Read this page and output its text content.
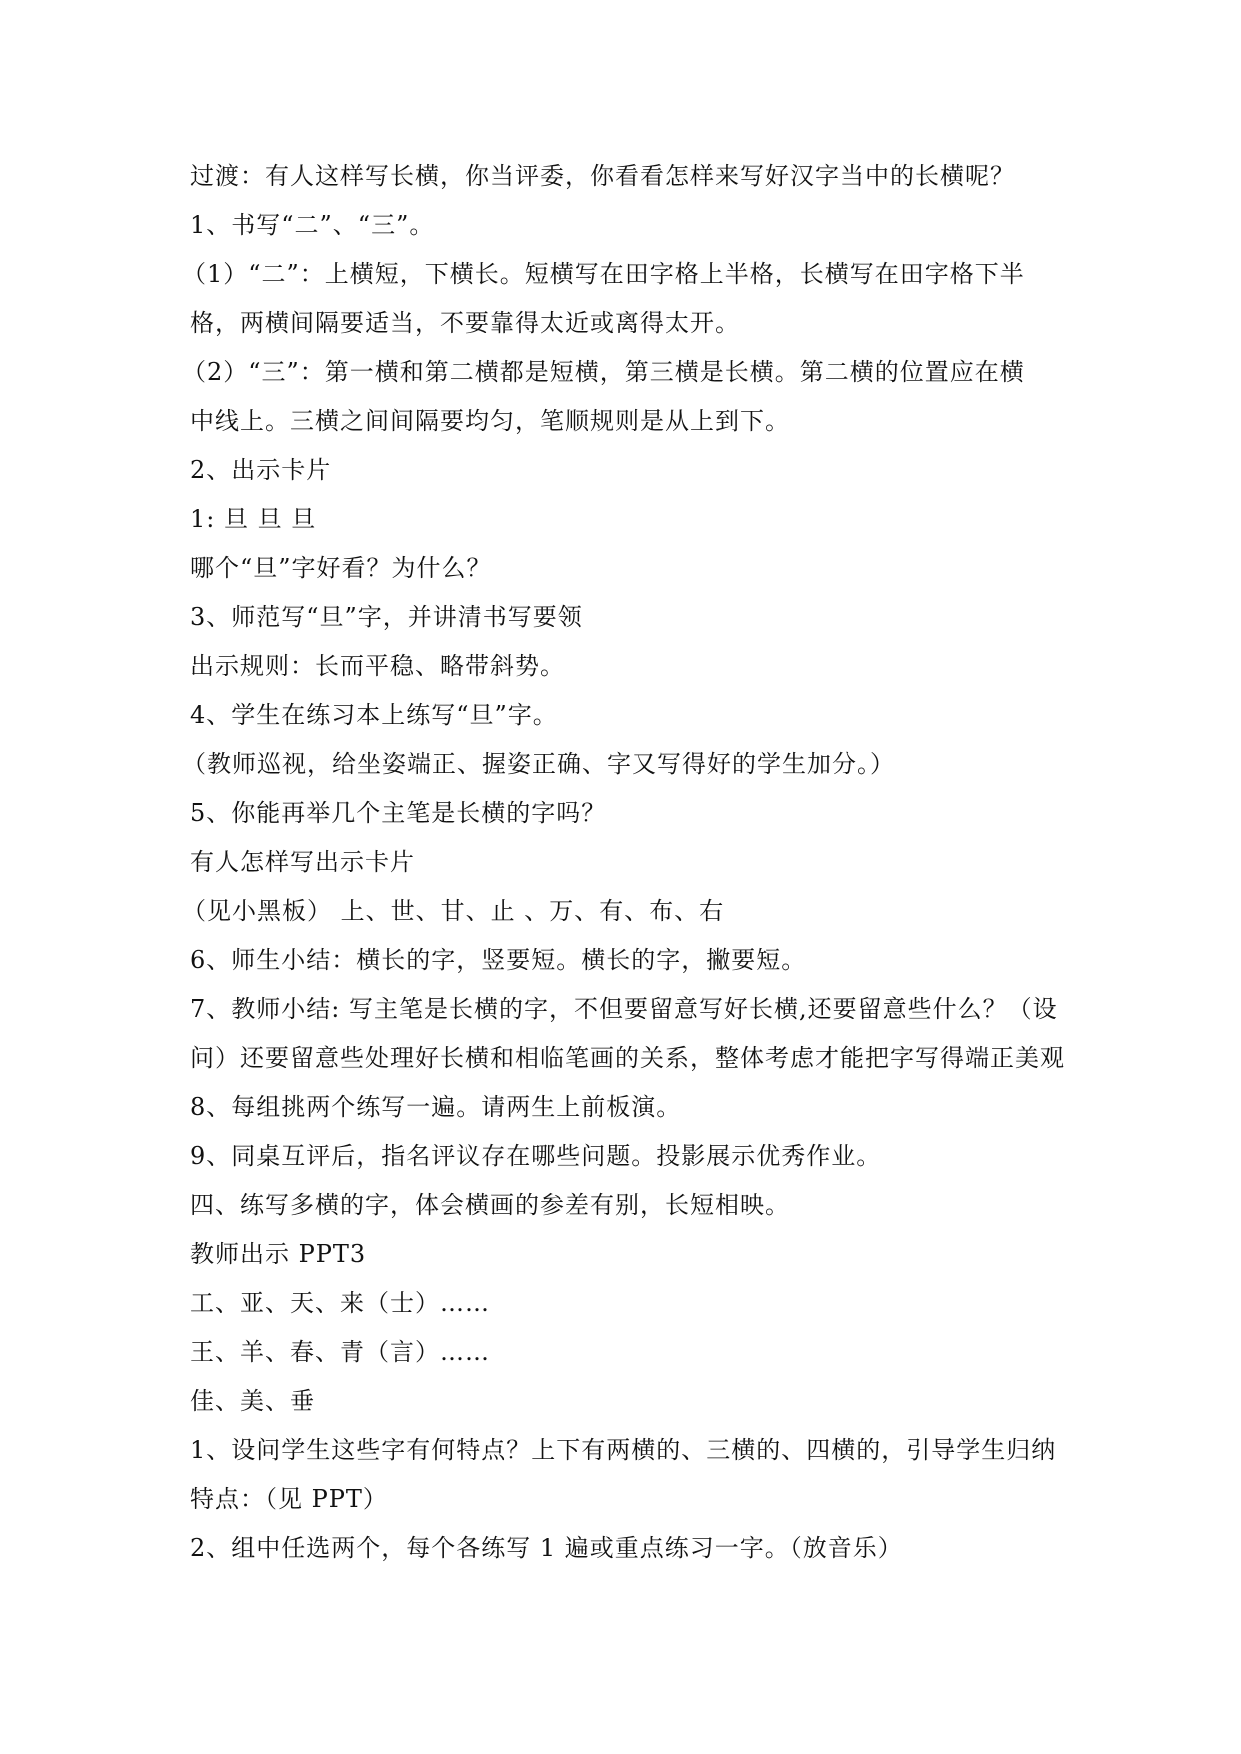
过渡：有人这样写长横，你当评委，你看看怎样来写好汉字当中的长横呢？
1、书写“二”、“三”。
（1）“二”：上横短，下横长。短横写在田字格上半格，长横写在田字格下半
格，两横间隔要适当，不要靠得太近或离得太开。
（2）“三”：第一横和第二横都是短横，第三横是长横。第二横的位置应在横
中线上。三横之间间隔要均匀，笔顺规则是从上到下。
2、出示卡片
1: 旦 旦 旦
哪个“旦”字好看？为什么？
3、师范写“旦”字，并讲清书写要领
出示规则：长而平稳、略带斜势。
4、学生在练习本上练写“旦”字。
（教师巡视，给坐姿端正、握姿正确、字又写得好的学生加分。）
5、你能再举几个主笔是长横的字吗？
有人怎样写出示卡片
（见小黑板） 上、世、甘、止 、万、有、布、右
6、师生小结：横长的字，竖要短。横长的字，撇要短。
7、教师小结: 写主笔是长横的字，不但要留意写好长横,还要留意些什么？（设
问）还要留意些处理好长横和相临笔画的关系，整体考虑才能把字写得端正美观
8、每组挑两个练写一遍。请两生上前板演。
9、同桌互评后，指名评议存在哪些问题。投影展示优秀作业。
四、练写多横的字，体会横画的参差有别，长短相映。
教师出示 PPT3
工、亚、天、来（士）……
王、羊、春、青（言）……
佳、美、垂
1、设问学生这些字有何特点？上下有两横的、三横的、四横的，引导学生归纳
特点：（见 PPT）
2、组中任选两个，每个各练写 1 遍或重点练习一字。（放音乐）
